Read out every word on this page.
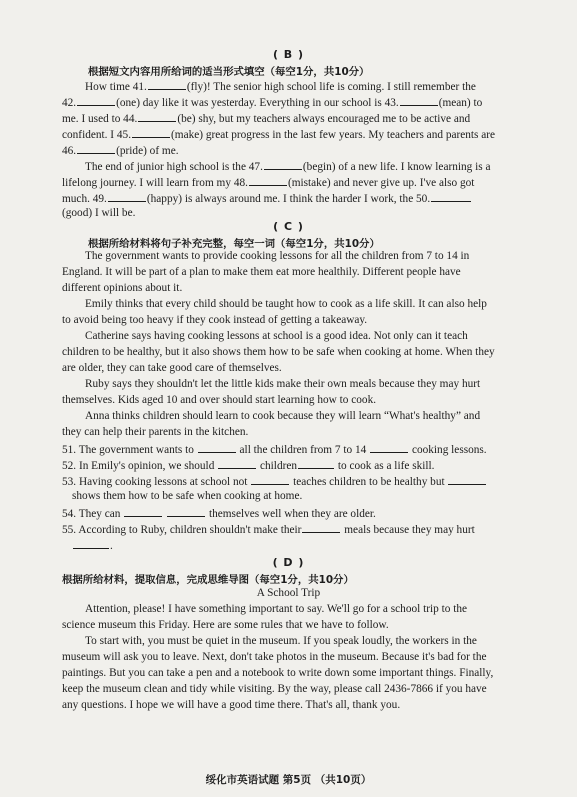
( B )
根据短文内容用所给词的适当形式填空（每空1分，共10分）
How time 41.	(fly)! The senior high school life is coming. I still remember the
42.	(one) day like it was yesterday. Everything in our school is 43.	(mean) to
me. I used to 44.	(be) shy, but my teachers always encouraged me to be active and
confident. I 45.	(make) great progress in the last few years. My teachers and parents are
46.	(pride) of me.
The end of junior high school is the 47.	(begin) of a new life. I know learning is a
lifelong journey. I will learn from my 48.	(mistake) and never give up. I've also got
much. 49.	(happy) is always around me. I think the harder I work, the 50.
(good) I will be.
( C )
根据所给材料将句子补充完整，每空一词（每空1分，共10分）
The government wants to provide cooking lessons for all the children from 7 to 14 in
England. It will be part of a plan to make them eat more healthily. Different people have
different opinions about it.
Emily thinks that every child should be taught how to cook as a life skill. It can also help
to avoid being too heavy if they cook instead of getting a takeaway.
Catherine says having cooking lessons at school is a good idea. Not only can it teach
children to be healthy, but it also shows them how to be safe when cooking at home. When they
are older, they can take good care of themselves.
Ruby says they shouldn't let the little kids make their own meals because they may hurt
themselves. Kids aged 10 and over should start learning how to cook.
Anna thinks children should learn to cook because they will learn “What's healthy” and
they can help their parents in the kitchen.
51. The government wants to	all the children from 7 to 14	cooking lessons.
52. In Emily's opinion, we should	children	to cook as a life skill.
53. Having cooking lessons at school not	teaches children to be healthy but
shows them how to be safe when cooking at home.
54. They can	themselves well when they are older.
55. According to Ruby, children shouldn't make their	meals because they may hurt
.
( D )
根据所给材料，提取信息，完成思维导图（每空1分，共10分）
A School Trip
Attention, please! I have something important to say. We'll go for a school trip to the
science museum this Friday. Here are some rules that we have to follow.
To start with, you must be quiet in the museum. If you speak loudly, the workers in the
museum will ask you to leave. Next, don't take photos in the museum. Because it's bad for the
paintings. But you can take a pen and a notebook to write down some important things. Finally,
keep the museum clean and tidy while visiting. By the way, please call 2436-7866 if you have
any questions. I hope we will have a good time there. That's all, thank you.
绥化市英语试题 第5页 （共10页）
